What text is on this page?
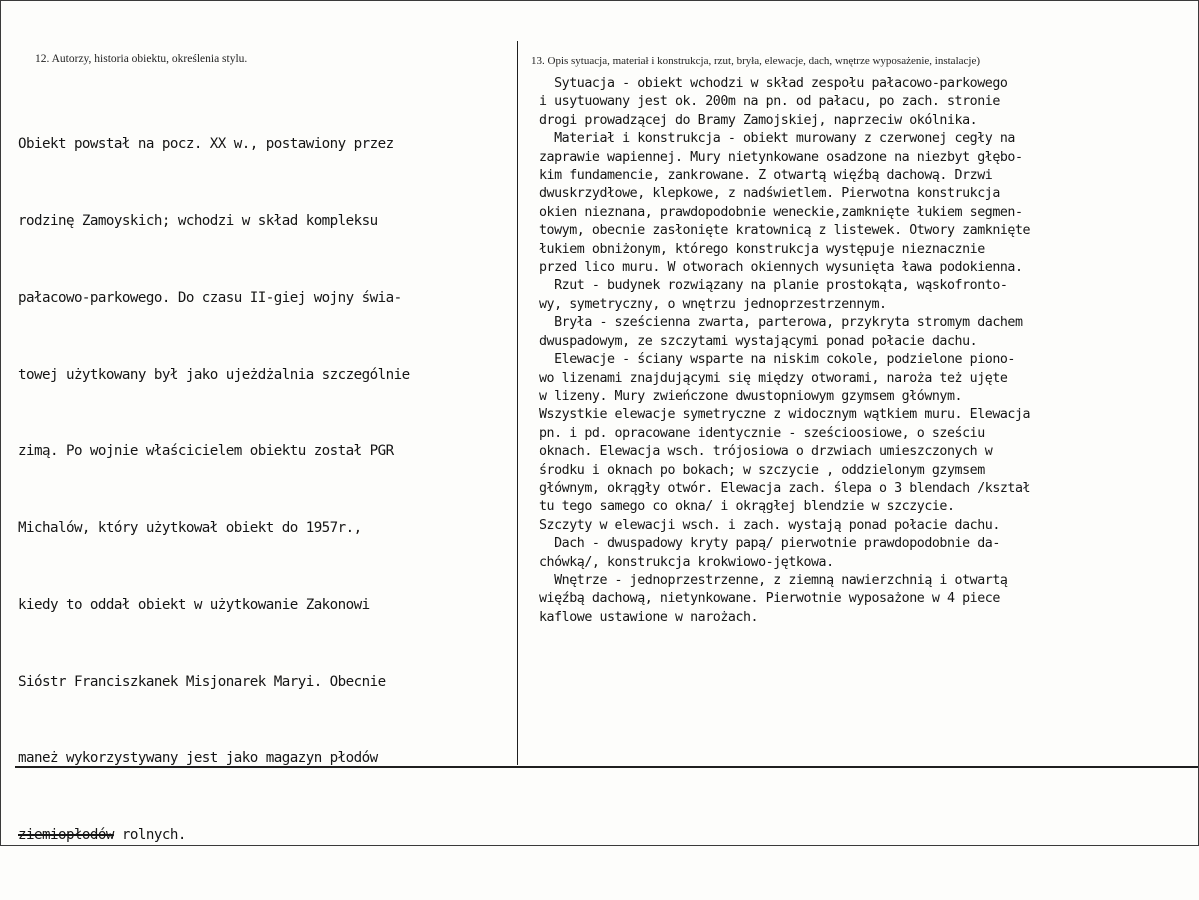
12. Autorzy, historia obiektu, określenia stylu.	13. Opis sytuacja, materiał i konstrukcja, rzut, bryła, elewacje, dach, wnętrze wyposażenie, instalacje)

Obiekt powstał na pocz. XX w., postawiony przez

rodzinę Zamoyskich; wchodzi w skład kompleksu

pałacowo-parkowego. Do czasu II-giej wojny świa-

towej użytkowany był jako ujeżdżalnia szczególnie

zimą. Po wojnie właścicielem obiektu został PGR

Michalów, który użytkował obiekt do 1957r.,

kiedy to oddał obiekt w użytkowanie Zakonowi

Sióstr Franciszkanek Misjonarek Maryi. Obecnie

maneż wykorzystywany jest jako magazyn płodów

ziemiopłodów rolnych.

Sytuacja - obiekt wchodzi w skład zespołu pałacowo-parkowego
i usytuowany jest ok. 200m na pn. od pałacu, po zach. stronie
drogi prowadzącej do Bramy Zamojskiej, naprzeciw okólnika.
Materiał i konstrukcja - obiekt murowany z czerwonej cegły na
zaprawie wapiennej. Mury nietynkowane osadzone na niezbyt głębo-
kim fundamencie, zankrowane. Z otwartą więźbą dachową. Drzwi
dwuskrzydłowe, klepkowe, z nadświetlem. Pierwotna konstrukcja
okien nieznana, prawdopodobnie weneckie,zamknięte łukiem segmen-
towym, obecnie zasłonięte kratownicą z listewek. Otwory zamknięte
łukiem obniżonym, którego konstrukcja występuje nieznacznie
przed lico muru. W otworach okiennych wysunięta ława podokienna.
Rzut - budynek rozwiązany na planie prostokąta, wąskofronto-
wy, symetryczny, o wnętrzu jednoprzestrzennym.
Bryła - sześcienna zwarta, parterowa, przykryta stromym dachem
dwuspadowym, ze szczytami wystającymi ponad połacie dachu.
Elewacje - ściany wsparte na niskim cokole, podzielone piono-
wo lizenami znajdującymi się między otworami, naroża też ujęte
w lizeny. Mury zwieńczone dwustopniowym gzymsem głównym.
Wszystkie elewacje symetryczne z widocznym wątkiem muru. Elewacja
pn. i pd. opracowane identycznie - sześcioosiowe, o sześciu
oknach. Elewacja wsch. trójosiowa o drzwiach umieszczonych w
środku i oknach po bokach; w szczycie , oddzielonym gzymsem
głównym, okrągły otwór. Elewacja zach. ślepa o 3 blendach /kształ
tu tego samego co okna/ i okrągłej blendzie w szczycie.
Szczyty w elewacji wsch. i zach. wystają ponad połacie dachu.
Dach - dwuspadowy kryty papą/ pierwotnie prawdopodobnie da-
chówką/, konstrukcja krokwiowo-jętkowa.
Wnętrze - jednoprzestrzenne, z ziemną nawierzchnią i otwartą
więźbą dachową, nietynkowane. Pierwotnie wyposażone w 4 piece
kaflowe ustawione w narożach.
